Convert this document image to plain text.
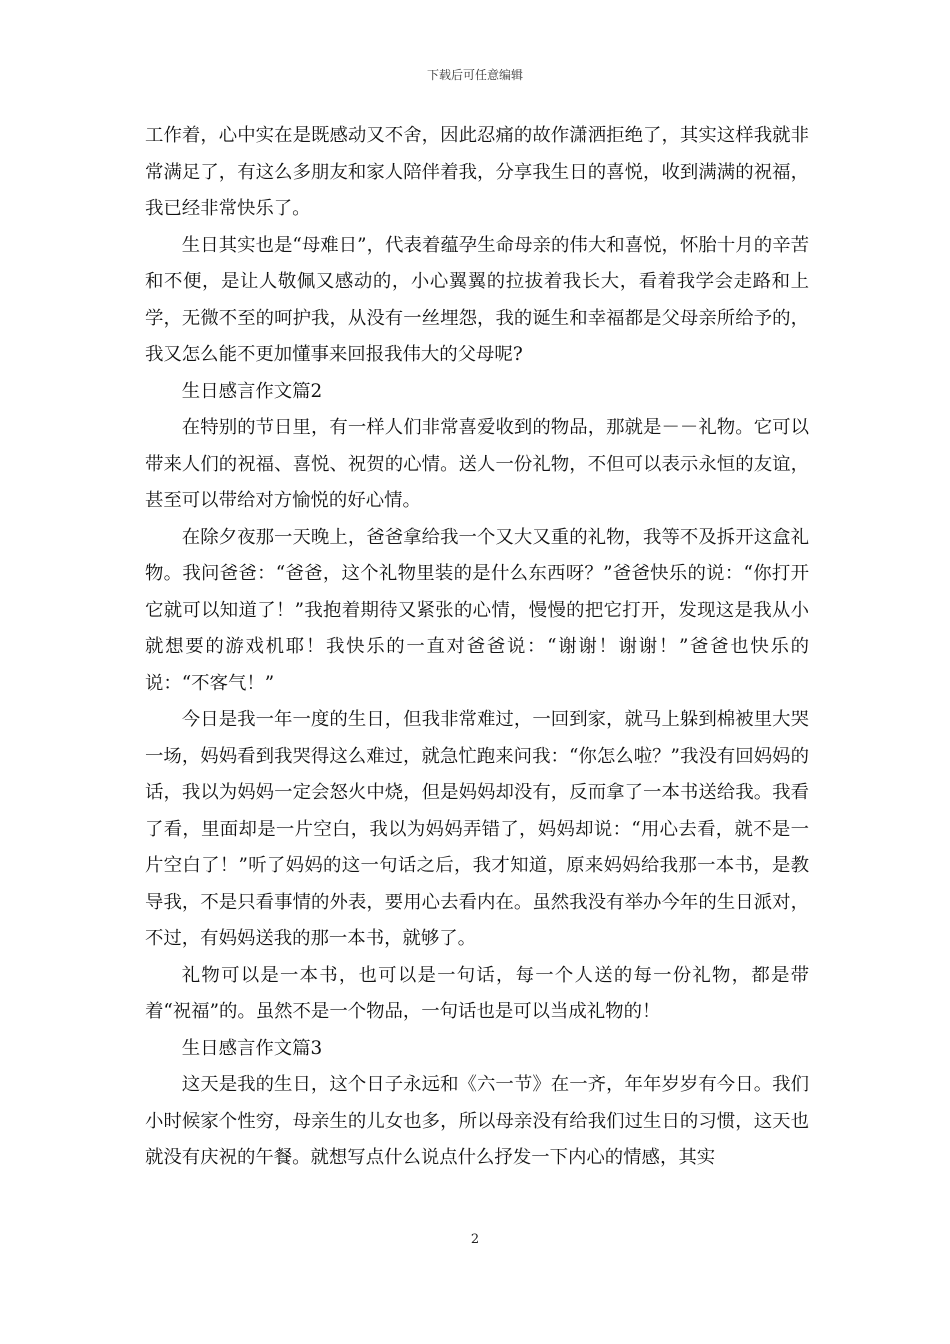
下载后可任意编辑

工作着，心中实在是既感动又不舍，因此忍痛的故作潇洒拒绝了，其实这样我就非常满足了，有这么多朋友和家人陪伴着我，分享我生日的喜悦，收到满满的祝福，我已经非常快乐了。

生日其实也是“母难日”，代表着蕴孕生命母亲的伟大和喜悦，怀胎十月的辛苦和不便，是让人敬佩又感动的，小心翼翼的拉拔着我长大，看着我学会走路和上学，无微不至的呵护我，从没有一丝埋怨，我的诞生和幸福都是父母亲所给予的，我又怎么能不更加懂事来回报我伟大的父母呢?

生日感言作文篇2

在特别的节日里，有一样人们非常喜爱收到的物品，那就是－－礼物。它可以带来人们的祝福、喜悦、祝贺的心情。送人一份礼物，不但可以表示永恒的友谊，甚至可以带给对方愉悦的好心情。

在除夕夜那一天晚上，爸爸拿给我一个又大又重的礼物，我等不及拆开这盒礼物。我问爸爸：“爸爸，这个礼物里装的是什么东西呀？”爸爸快乐的说：“你打开它就可以知道了！”我抱着期待又紧张的心情，慢慢的把它打开，发现这是我从小就想要的游戏机耶！我快乐的一直对爸爸说：“谢谢！谢谢！”爸爸也快乐的说：“不客气！”

今日是我一年一度的生日，但我非常难过，一回到家，就马上躲到棉被里大哭一场，妈妈看到我哭得这么难过，就急忙跑来问我：“你怎么啦？”我没有回妈妈的话，我以为妈妈一定会怒火中烧，但是妈妈却没有，反而拿了一本书送给我。我看了看，里面却是一片空白，我以为妈妈弄错了，妈妈却说：“用心去看，就不是一片空白了！”听了妈妈的这一句话之后，我才知道，原来妈妈给我那一本书，是教导我，不是只看事情的外表，要用心去看内在。虽然我没有举办今年的生日派对，不过，有妈妈送我的那一本书，就够了。

礼物可以是一本书，也可以是一句话，每一个人送的每一份礼物，都是带着“祝福”的。虽然不是一个物品，一句话也是可以当成礼物的！

生日感言作文篇3

这天是我的生日，这个日子永远和《六一节》在一齐，年年岁岁有今日。我们小时候家个性穷，母亲生的儿女也多，所以母亲没有给我们过生日的习惯，这天也就没有庆祝的午餐。就想写点什么说点什么抒发一下内心的情感，其实

2
